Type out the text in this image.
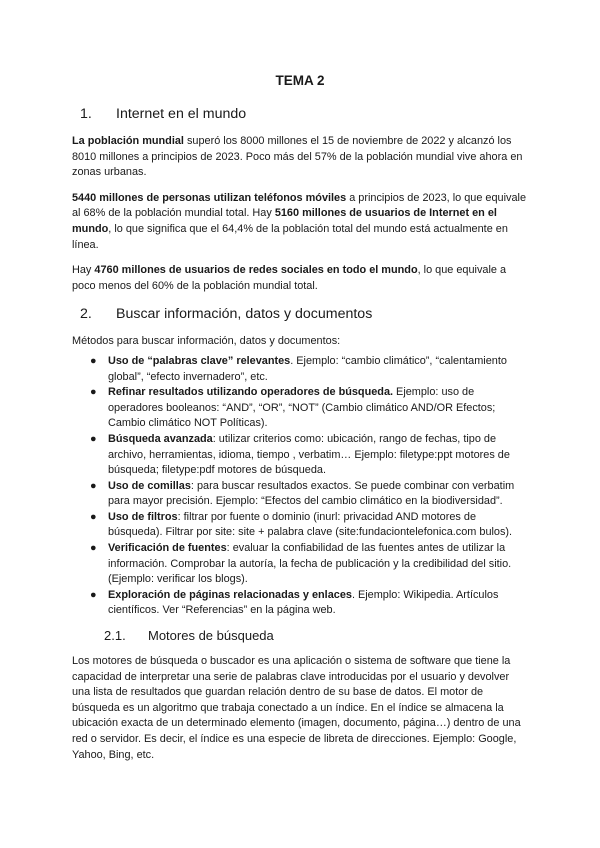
TEMA 2
1.	Internet en el mundo

La población mundial superó los 8000 millones el 15 de noviembre de 2022 y alcanzó los 8010 millones a principios de 2023. Poco más del 57% de la población mundial vive ahora en zonas urbanas.

5440 millones de personas utilizan teléfonos móviles a principios de 2023, lo que equivale al 68% de la población mundial total. Hay 5160 millones de usuarios de Internet en el mundo, lo que significa que el 64,4% de la población total del mundo está actualmente en línea.

Hay 4760 millones de usuarios de redes sociales en todo el mundo, lo que equivale a poco menos del 60% de la población mundial total.

2.	Buscar información, datos y documentos

Métodos para buscar información, datos y documentos:

● Uso de “palabras clave” relevantes. Ejemplo: “cambio climático”, “calentamiento global”, “efecto invernadero”, etc.
● Refinar resultados utilizando operadores de búsqueda. Ejemplo: uso de operadores booleanos: “AND”, “OR”, “NOT” (Cambio climático AND/OR Efectos; Cambio climático NOT Políticas).
● Búsqueda avanzada: utilizar criterios como: ubicación, rango de fechas, tipo de archivo, herramientas, idioma, tiempo , verbatim… Ejemplo: filetype:ppt motores de búsqueda; filetype:pdf motores de búsqueda.
● Uso de comillas: para buscar resultados exactos. Se puede combinar con verbatim para mayor precisión. Ejemplo: “Efectos del cambio climático en la biodiversidad”.
● Uso de filtros: filtrar por fuente o dominio (inurl: privacidad AND motores de búsqueda). Filtrar por site: site + palabra clave (site:fundaciontelefonica.com bulos).
● Verificación de fuentes: evaluar la confiabilidad de las fuentes antes de utilizar la información. Comprobar la autoría, la fecha de publicación y la credibilidad del sitio. (Ejemplo: verificar los blogs).
● Exploración de páginas relacionadas y enlaces. Ejemplo: Wikipedia. Artículos científicos. Ver “Referencias” en la página web.
2.1.	Motores de búsqueda

Los motores de búsqueda o buscador es una aplicación o sistema de software que tiene la capacidad de interpretar una serie de palabras clave introducidas por el usuario y devolver una lista de resultados que guardan relación dentro de su base de datos. El motor de búsqueda es un algoritmo que trabaja conectado a un índice. En el índice se almacena la ubicación exacta de un determinado elemento (imagen, documento, página…) dentro de una red o servidor. Es decir, el índice es una especie de libreta de direcciones. Ejemplo: Google, Yahoo, Bing, etc.
